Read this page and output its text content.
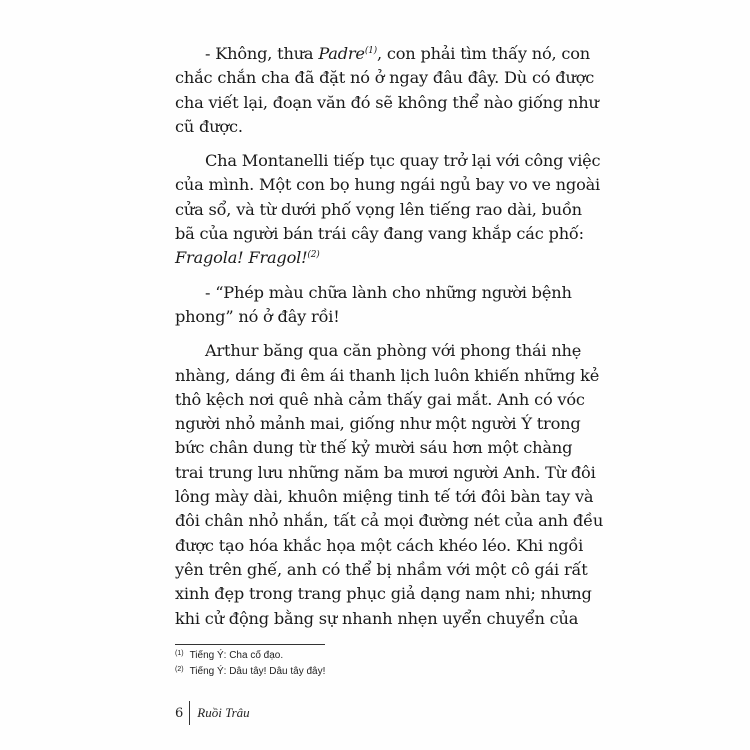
- Không, thưa Padre$^{(1)}$, con phải tìm thấy nó, con
chắc chắn cha đã đặt nó ở ngay đâu đây. Dù có được
cha viết lại, đoạn văn đó sẽ không thể nào giống như
cũ được.
Cha Montanelli tiếp tục quay trở lại với công việc
của mình. Một con bọ hung ngái ngủ bay vo ve ngoài
cửa sổ, và từ dưới phố vọng lên tiếng rao dài, buồn
bã của người bán trái cây đang vang khắp các phố:
Fragola! Fragol!$^{(2)}$
- “Phép màu chữa lành cho những người bệnh
phong” nó ở đây rồi!
Arthur băng qua căn phòng với phong thái nhẹ
nhàng, dáng đi êm ái thanh lịch luôn khiến những kẻ
thô kệch nơi quê nhà cảm thấy gai mắt. Anh có vóc
người nhỏ mảnh mai, giống như một người Ý trong
bức chân dung từ thế kỷ mười sáu hơn một chàng
trai trung lưu những năm ba mươi người Anh. Từ đôi
lông mày dài, khuôn miệng tinh tế tới đôi bàn tay và
đôi chân nhỏ nhắn, tất cả mọi đường nét của anh đều
được tạo hóa khắc họa một cách khéo léo. Khi ngồi
yên trên ghế, anh có thể bị nhầm với một cô gái rất
xinh đẹp trong trang phục giả dạng nam nhi; nhưng
khi cử động bằng sự nhanh nhẹn uyển chuyển của
$^{(1)}$ Tiếng Ý: Cha cố đạo.
$^{(2)}$ Tiếng Ý: Dâu tây! Dâu tây đây!
6 Ruồi Trâu
